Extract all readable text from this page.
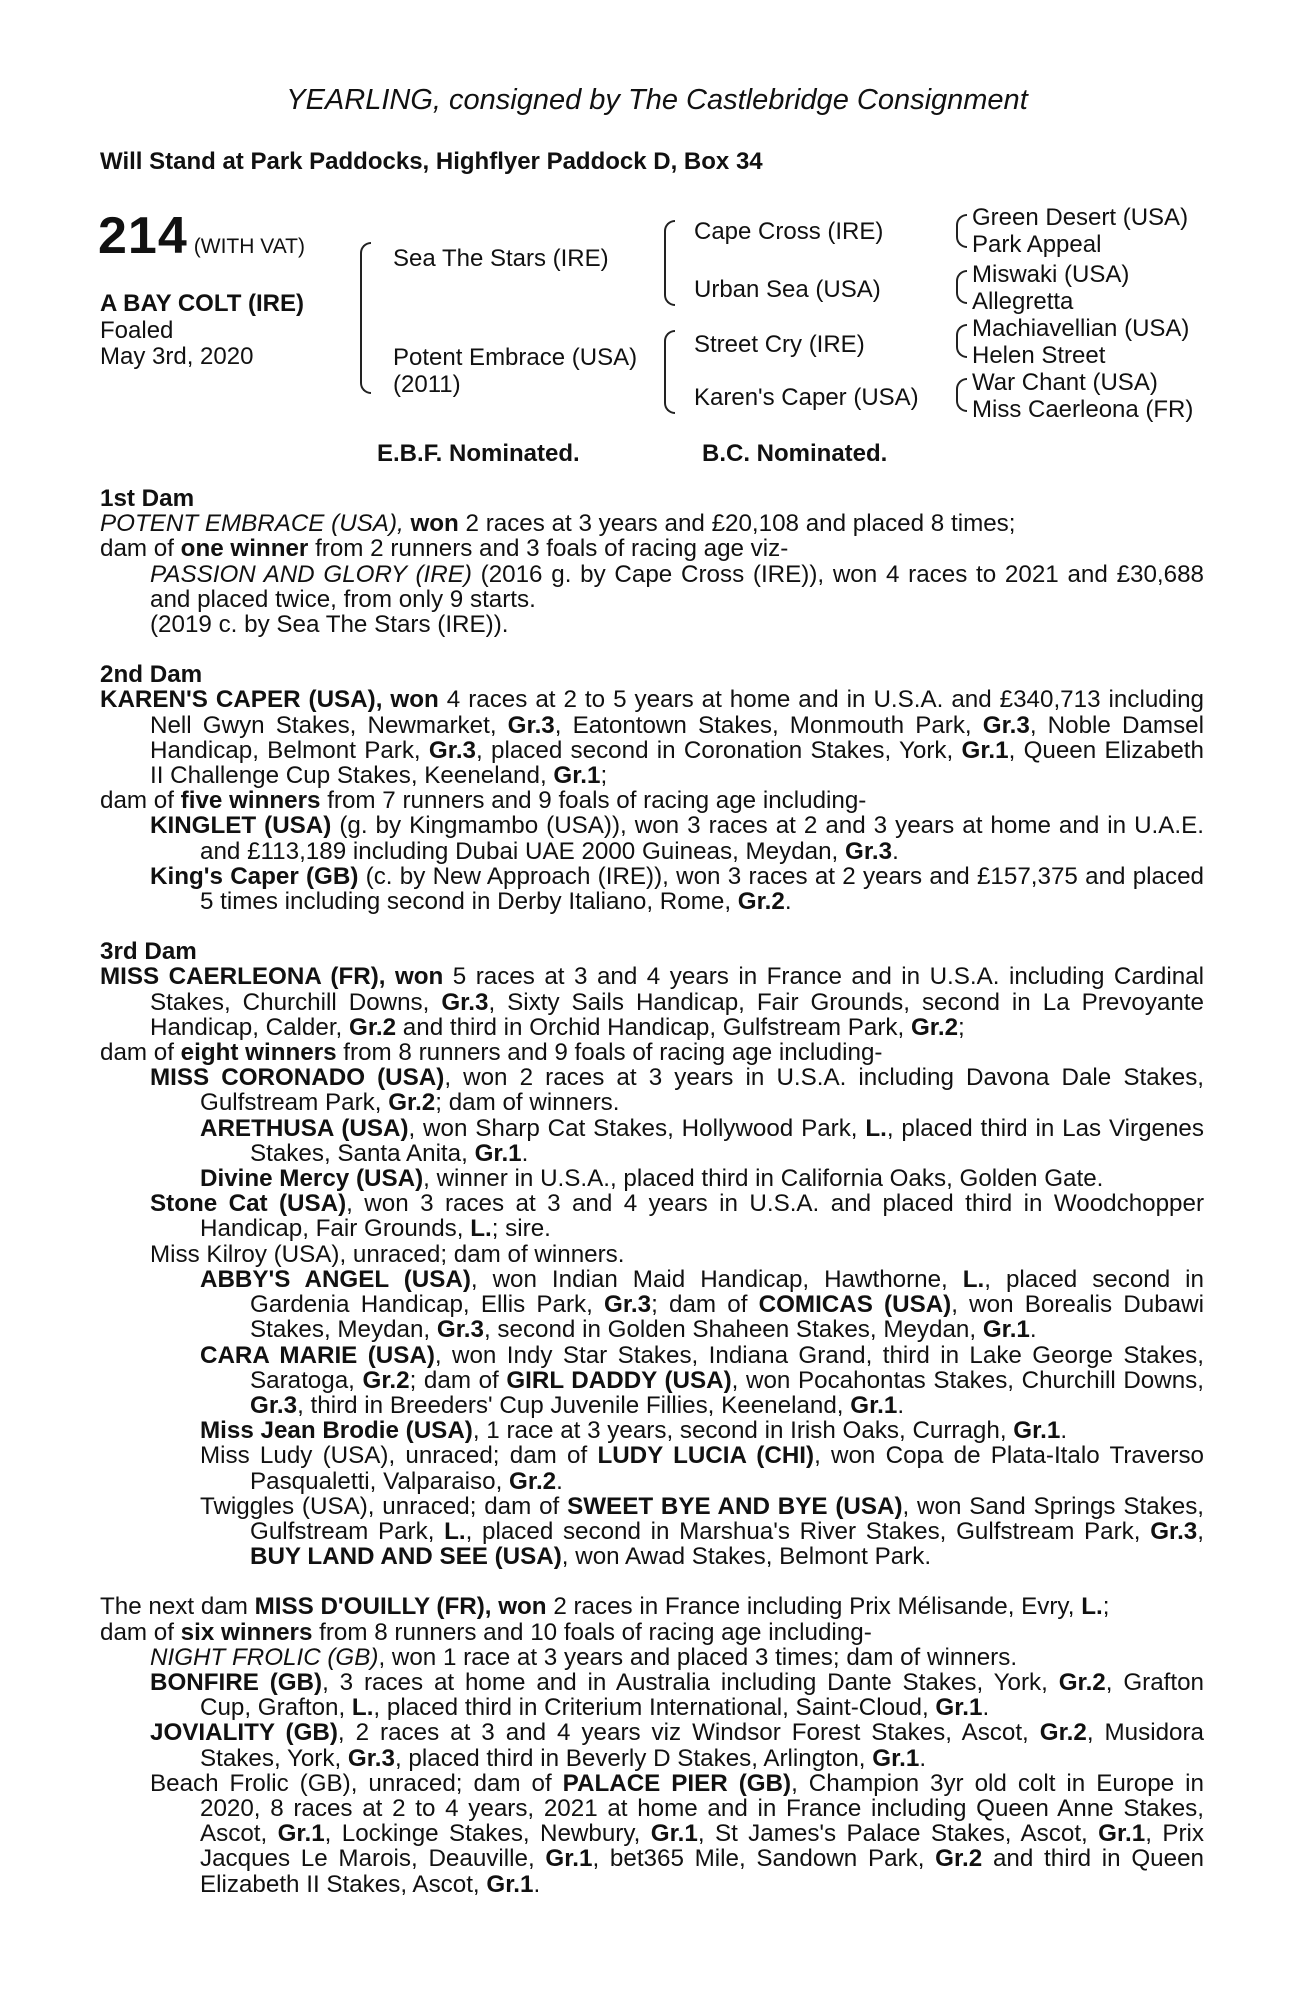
YEARLING, consigned by The Castlebridge Consignment
Will Stand at Park Paddocks, Highflyer Paddock D, Box 34
214 (WITH VAT)
A BAY COLT (IRE)
Foaled
May 3rd, 2020
Sea The Stars (IRE)
Potent Embrace (USA)
(2011)
Cape Cross (IRE)
Urban Sea (USA)
Street Cry (IRE)
Karen's Caper (USA)
Green Desert (USA)
Park Appeal
Miswaki (USA)
Allegretta
Machiavellian (USA)
Helen Street
War Chant (USA)
Miss Caerleona (FR)
E.B.F. Nominated.	B.C. Nominated.
1st Dam
POTENT EMBRACE (USA), won 2 races at 3 years and £20,108 and placed 8 times;
dam of one winner from 2 runners and 3 foals of racing age viz-
PASSION AND GLORY (IRE) (2016 g. by Cape Cross (IRE)), won 4 races to 2021 and £30,688 and placed twice, from only 9 starts.
(2019 c. by Sea The Stars (IRE)).
2nd Dam
KAREN'S CAPER (USA), won 4 races at 2 to 5 years at home and in U.S.A. and £340,713 including Nell Gwyn Stakes, Newmarket, Gr.3, Eatontown Stakes, Monmouth Park, Gr.3, Noble Damsel Handicap, Belmont Park, Gr.3, placed second in Coronation Stakes, York, Gr.1, Queen Elizabeth II Challenge Cup Stakes, Keeneland, Gr.1;
dam of five winners from 7 runners and 9 foals of racing age including-
KINGLET (USA) (g. by Kingmambo (USA)), won 3 races at 2 and 3 years at home and in U.A.E. and £113,189 including Dubai UAE 2000 Guineas, Meydan, Gr.3.
King's Caper (GB) (c. by New Approach (IRE)), won 3 races at 2 years and £157,375 and placed 5 times including second in Derby Italiano, Rome, Gr.2.
3rd Dam
MISS CAERLEONA (FR), won 5 races at 3 and 4 years in France and in U.S.A. including Cardinal Stakes, Churchill Downs, Gr.3, Sixty Sails Handicap, Fair Grounds, second in La Prevoyante Handicap, Calder, Gr.2 and third in Orchid Handicap, Gulfstream Park, Gr.2;
dam of eight winners from 8 runners and 9 foals of racing age including-
MISS CORONADO (USA), won 2 races at 3 years in U.S.A. including Davona Dale Stakes, Gulfstream Park, Gr.2; dam of winners.
ARETHUSA (USA), won Sharp Cat Stakes, Hollywood Park, L., placed third in Las Virgenes Stakes, Santa Anita, Gr.1.
Divine Mercy (USA), winner in U.S.A., placed third in California Oaks, Golden Gate.
Stone Cat (USA), won 3 races at 3 and 4 years in U.S.A. and placed third in Woodchopper Handicap, Fair Grounds, L.; sire.
Miss Kilroy (USA), unraced; dam of winners.
ABBY'S ANGEL (USA), won Indian Maid Handicap, Hawthorne, L., placed second in Gardenia Handicap, Ellis Park, Gr.3; dam of COMICAS (USA), won Borealis Dubawi Stakes, Meydan, Gr.3, second in Golden Shaheen Stakes, Meydan, Gr.1.
CARA MARIE (USA), won Indy Star Stakes, Indiana Grand, third in Lake George Stakes, Saratoga, Gr.2; dam of GIRL DADDY (USA), won Pocahontas Stakes, Churchill Downs, Gr.3, third in Breeders' Cup Juvenile Fillies, Keeneland, Gr.1.
Miss Jean Brodie (USA), 1 race at 3 years, second in Irish Oaks, Curragh, Gr.1.
Miss Ludy (USA), unraced; dam of LUDY LUCIA (CHI), won Copa de Plata-Italo Traverso Pasqualetti, Valparaiso, Gr.2.
Twiggles (USA), unraced; dam of SWEET BYE AND BYE (USA), won Sand Springs Stakes, Gulfstream Park, L., placed second in Marshua's River Stakes, Gulfstream Park, Gr.3, BUY LAND AND SEE (USA), won Awad Stakes, Belmont Park.
The next dam MISS D'OUILLY (FR), won 2 races in France including Prix Mélisande, Evry, L.;
dam of six winners from 8 runners and 10 foals of racing age including-
NIGHT FROLIC (GB), won 1 race at 3 years and placed 3 times; dam of winners.
BONFIRE (GB), 3 races at home and in Australia including Dante Stakes, York, Gr.2, Grafton Cup, Grafton, L., placed third in Criterium International, Saint-Cloud, Gr.1.
JOVIALITY (GB), 2 races at 3 and 4 years viz Windsor Forest Stakes, Ascot, Gr.2, Musidora Stakes, York, Gr.3, placed third in Beverly D Stakes, Arlington, Gr.1.
Beach Frolic (GB), unraced; dam of PALACE PIER (GB), Champion 3yr old colt in Europe in 2020, 8 races at 2 to 4 years, 2021 at home and in France including Queen Anne Stakes, Ascot, Gr.1, Lockinge Stakes, Newbury, Gr.1, St James's Palace Stakes, Ascot, Gr.1, Prix Jacques Le Marois, Deauville, Gr.1, bet365 Mile, Sandown Park, Gr.2 and third in Queen Elizabeth II Stakes, Ascot, Gr.1.
